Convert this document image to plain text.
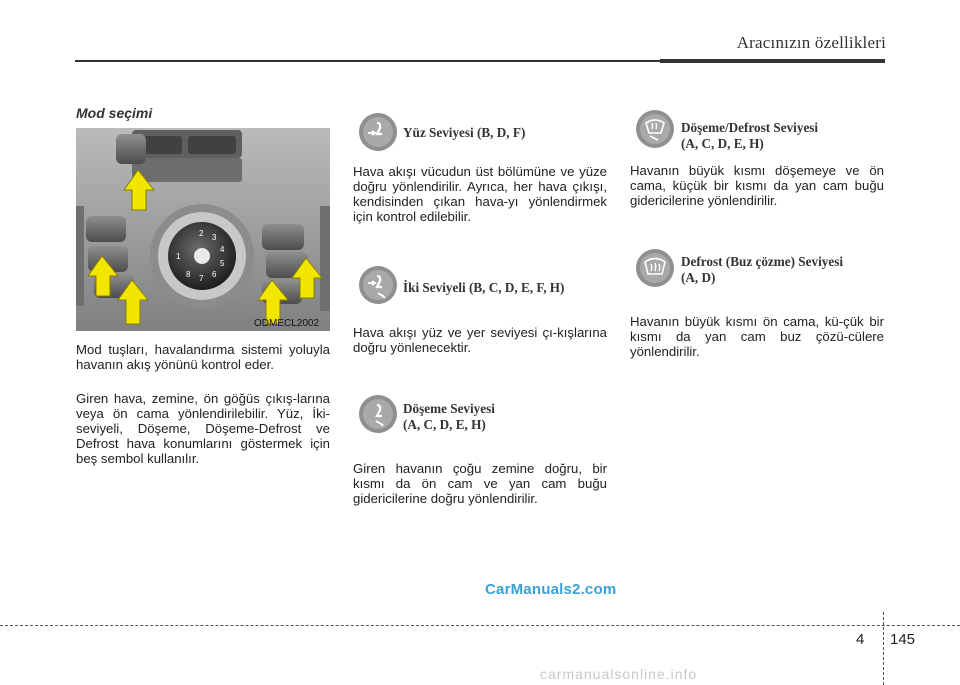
Aracınızın özellikleri
Mod seçimi
2 3
4
5
6
7
8
1
ODMECL2002
Mod tuşları, havalandırma sistemi yoluyla havanın akış yönünü kontrol eder.
Giren hava, zemine, ön göğüs çıkış-larına veya ön cama yönlendirilebilir. Yüz, İki-seviyeli, Döşeme, Döşeme-Defrost ve Defrost hava konumlarını göstermek için beş sembol kullanılır.
Yüz Seviyesi (B, D, F)
Hava akışı vücudun üst bölümüne ve yüze doğru yönlendirilir. Ayrıca, her hava çıkışı, kendisinden çıkan hava-yı yönlendirmek için kontrol edilebilir.
İki Seviyeli (B, C, D, E, F, H)
Hava akışı yüz ve yer seviyesi çı-kışlarına doğru yönlenecektir.
Döşeme Seviyesi
(A, C, D, E, H)
Giren havanın çoğu zemine doğru, bir kısmı da ön cam ve yan cam buğu gidericilerine doğru yönlendirilir.
Döşeme/Defrost Seviyesi
(A, C, D, E, H)
Havanın büyük kısmı döşemeye ve ön cama, küçük bir kısmı da yan cam buğu gidericilerine yönlendirilir.
Defrost (Buz çözme) Seviyesi
(A, D)
Havanın büyük kısmı ön cama, kü-çük bir kısmı da yan cam buz çözü-cülere yönlendirilir.
CarManuals2.com
4 145
carmanualsonline.info
